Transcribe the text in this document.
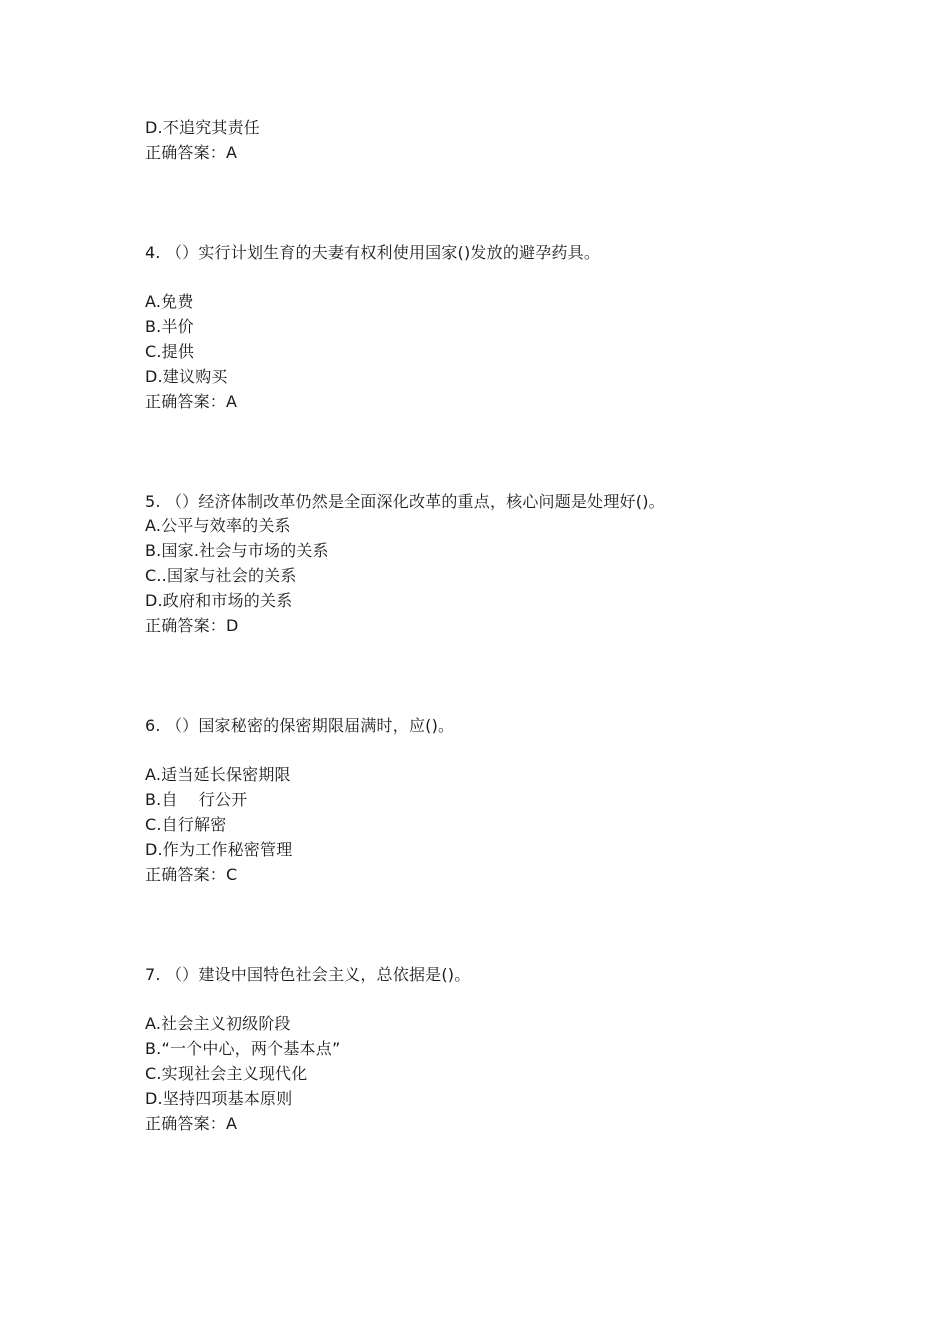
D.不追究其责任
正确答案：A
4. （）实行计划生育的夫妻有权利使用国家()发放的避孕药具。
A.免费
B.半价
C.提供
D.建议购买
正确答案：A
5. （）经济体制改革仍然是全面深化改革的重点，核心问题是处理好()。
A.公平与效率的关系
B.国家.社会与市场的关系
C..国家与社会的关系
D.政府和市场的关系
正确答案：D
6. （）国家秘密的保密期限届满时，应()。
A.适当延长保密期限
B.自    行公开
C.自行解密
D.作为工作秘密管理
正确答案：C
7. （）建设中国特色社会主义，总依据是()。
A.社会主义初级阶段
B.“一个中心，两个基本点”
C.实现社会主义现代化
D.坚持四项基本原则
正确答案：A
